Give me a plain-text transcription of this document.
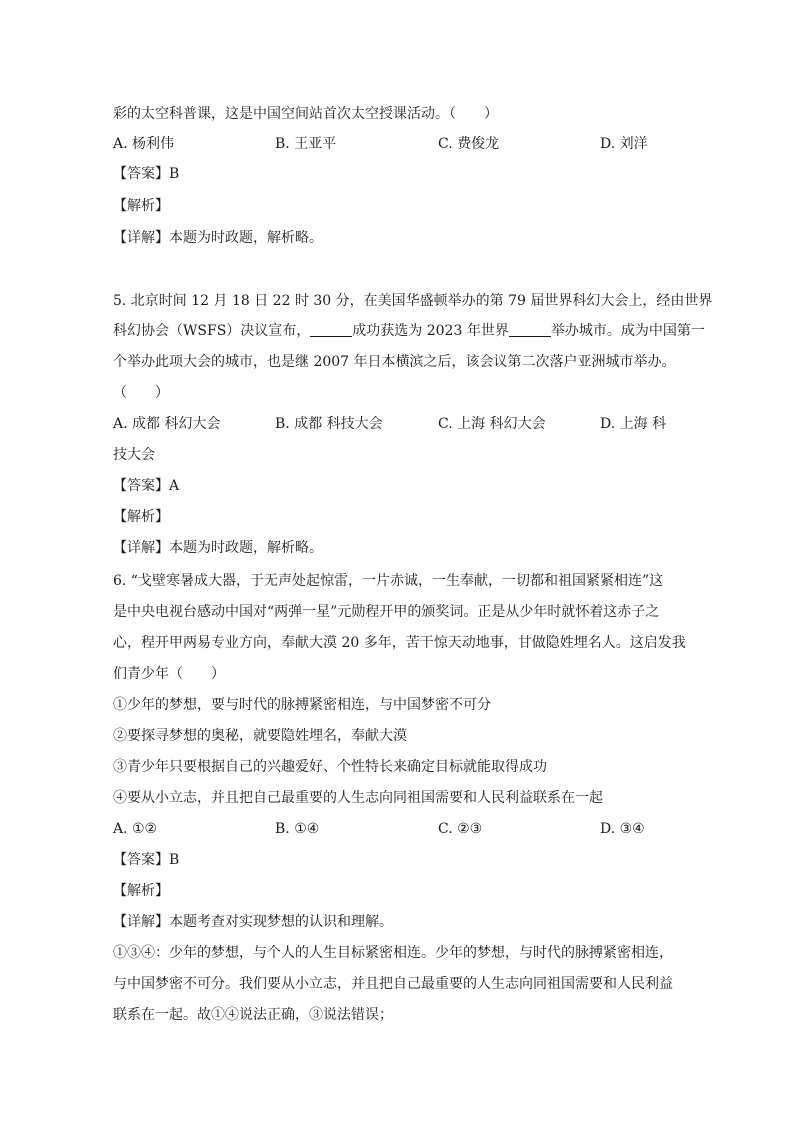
彩的太空科普课，这是中国空间站首次太空授课活动。（　　）
A. 杨利伟	B. 王亚平	C. 费俊龙	D. 刘洋
【答案】B
【解析】
【详解】本题为时政题，解析略。
5. 北京时间 12 月 18 日 22 时 30 分，在美国华盛顿举办的第 79 届世界科幻大会上，经由世界
科幻协会（WSFS）决议宣布，	成功获选为 2023 年世界	举办城市。成为中国第一
个举办此项大会的城市，也是继 2007 年日本横滨之后，该会议第二次落户亚洲城市举办。
（　　）
A. 成都 科幻大会	B. 成都 科技大会	C. 上海 科幻大会	D. 上海 科
技大会
【答案】A
【解析】
【详解】本题为时政题，解析略。
6. “戈壁寒暑成大器，于无声处起惊雷，一片赤诚，一生奉献，一切都和祖国紧紧相连”这
是中央电视台感动中国对“两弹一星”元勋程开甲的颁奖词。正是从少年时就怀着这赤子之
心，程开甲两易专业方向，奉献大漠 20 多年，苦干惊天动地事，甘做隐姓埋名人。这启发我
们青少年（　　）
①少年的梦想，要与时代的脉搏紧密相连，与中国梦密不可分
②要探寻梦想的奥秘，就要隐姓埋名，奉献大漠
③青少年只要根据自己的兴趣爱好、个性特长来确定目标就能取得成功
④要从小立志，并且把自己最重要的人生志向同祖国需要和人民利益联系在一起
A. ①②	B. ①④	C. ②③	D. ③④
【答案】B
【解析】
【详解】本题考查对实现梦想的认识和理解。
①③④：少年的梦想，与个人的人生目标紧密相连。少年的梦想，与时代的脉搏紧密相连，
与中国梦密不可分。我们要从小立志，并且把自己最重要的人生志向同祖国需要和人民利益
联系在一起。故①④说法正确，③说法错误；
